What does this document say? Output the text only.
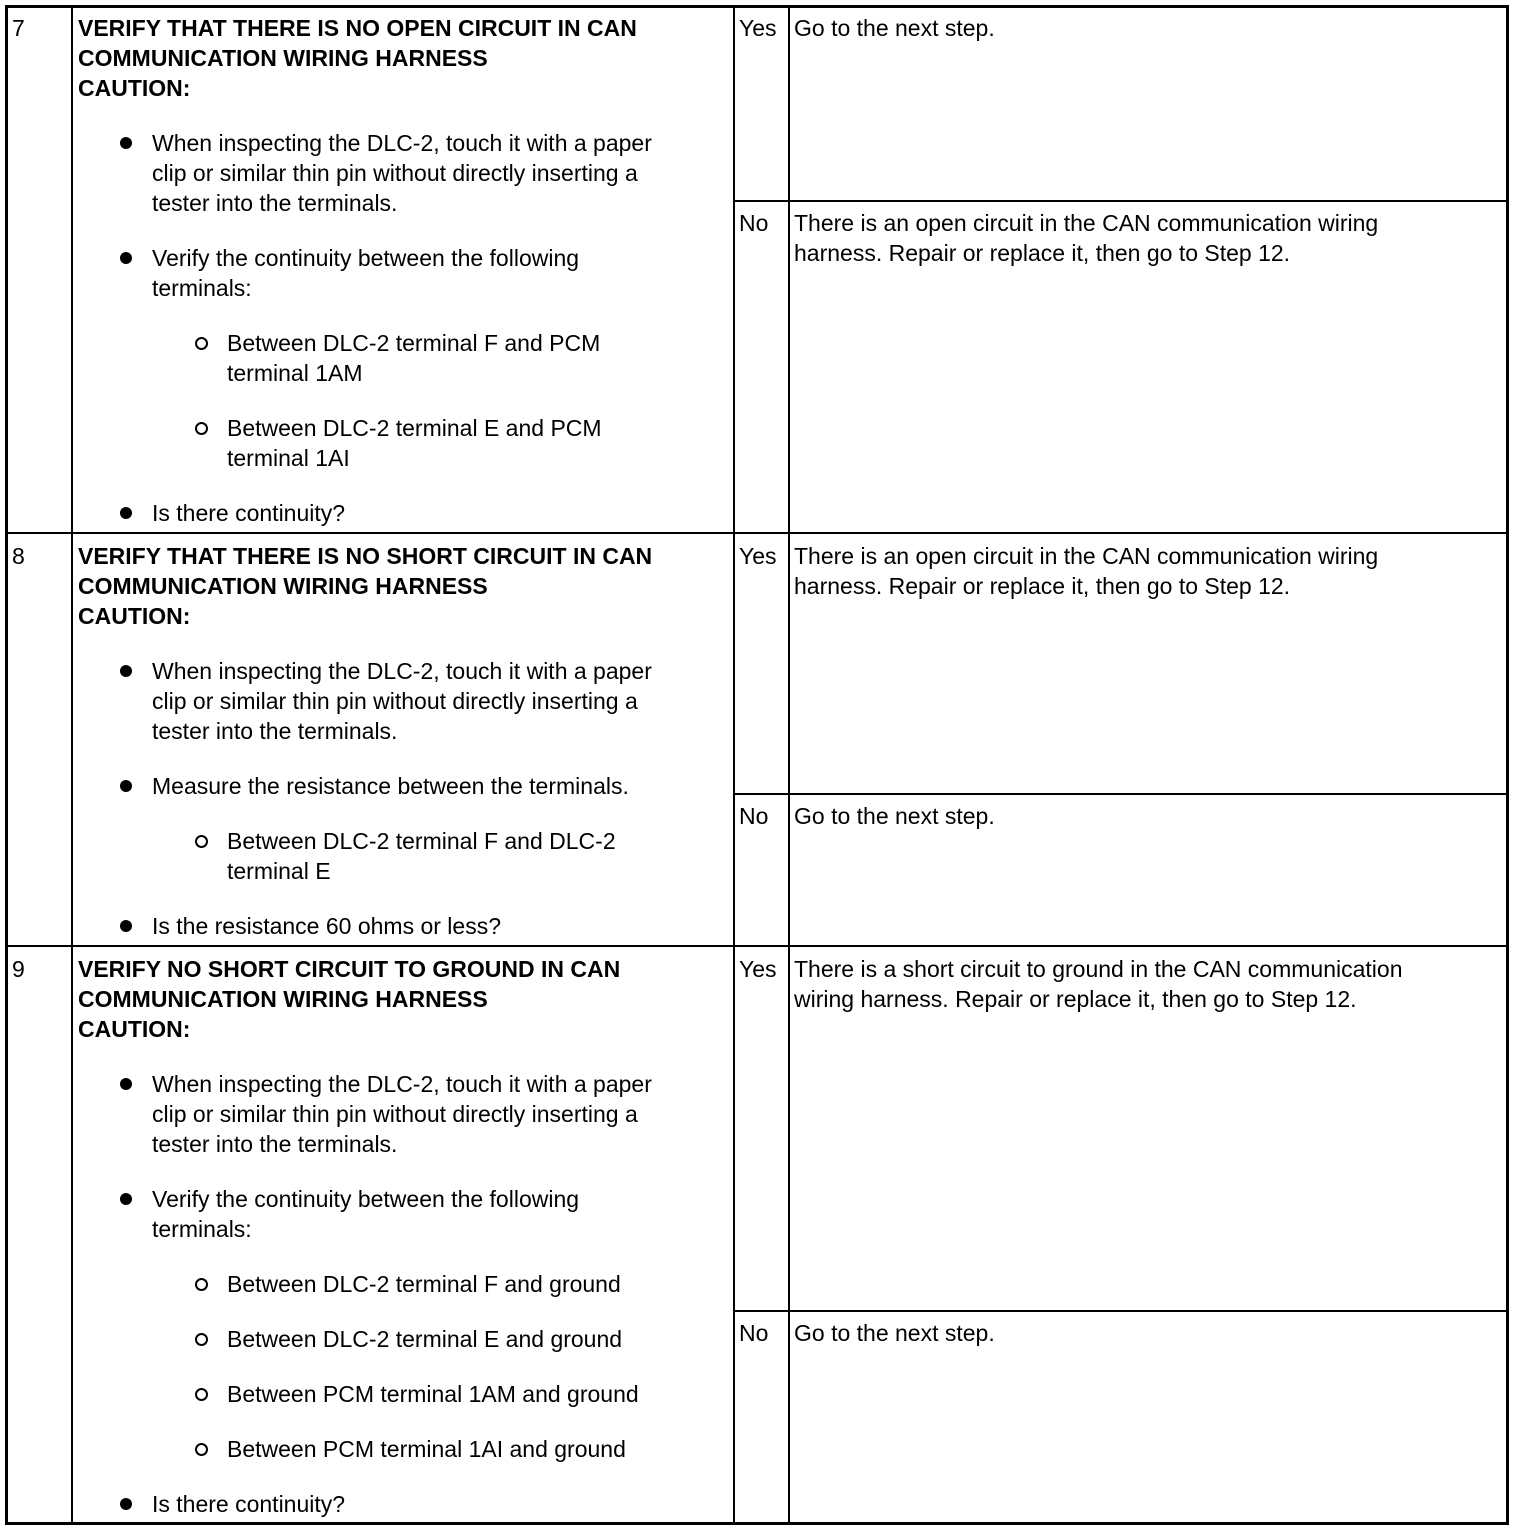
7 VERIFY THAT THERE IS NO OPEN CIRCUIT IN CAN
COMMUNICATION WIRING HARNESS
CAUTION:
When inspecting the DLC-2, touch it with a paper
clip or similar thin pin without directly inserting a
tester into the terminals.
Verify the continuity between the following
terminals:
Between DLC-2 terminal F and PCM
terminal 1AM
Between DLC-2 terminal E and PCM
terminal 1AI
Is there continuity?
Yes Go to the next step.
No There is an open circuit in the CAN communication wiring
harness. Repair or replace it, then go to Step 12.
8 VERIFY THAT THERE IS NO SHORT CIRCUIT IN CAN
COMMUNICATION WIRING HARNESS
CAUTION:
When inspecting the DLC-2, touch it with a paper
clip or similar thin pin without directly inserting a
tester into the terminals.
Measure the resistance between the terminals.
Between DLC-2 terminal F and DLC-2
terminal E
Is the resistance 60 ohms or less?
Yes There is an open circuit in the CAN communication wiring
harness. Repair or replace it, then go to Step 12.
No Go to the next step.
9 VERIFY NO SHORT CIRCUIT TO GROUND IN CAN
COMMUNICATION WIRING HARNESS
CAUTION:
When inspecting the DLC-2, touch it with a paper
clip or similar thin pin without directly inserting a
tester into the terminals.
Verify the continuity between the following
terminals:
Between DLC-2 terminal F and ground
Between DLC-2 terminal E and ground
Between PCM terminal 1AM and ground
Between PCM terminal 1AI and ground
Is there continuity?
Yes There is a short circuit to ground in the CAN communication
wiring harness. Repair or replace it, then go to Step 12.
No Go to the next step.
